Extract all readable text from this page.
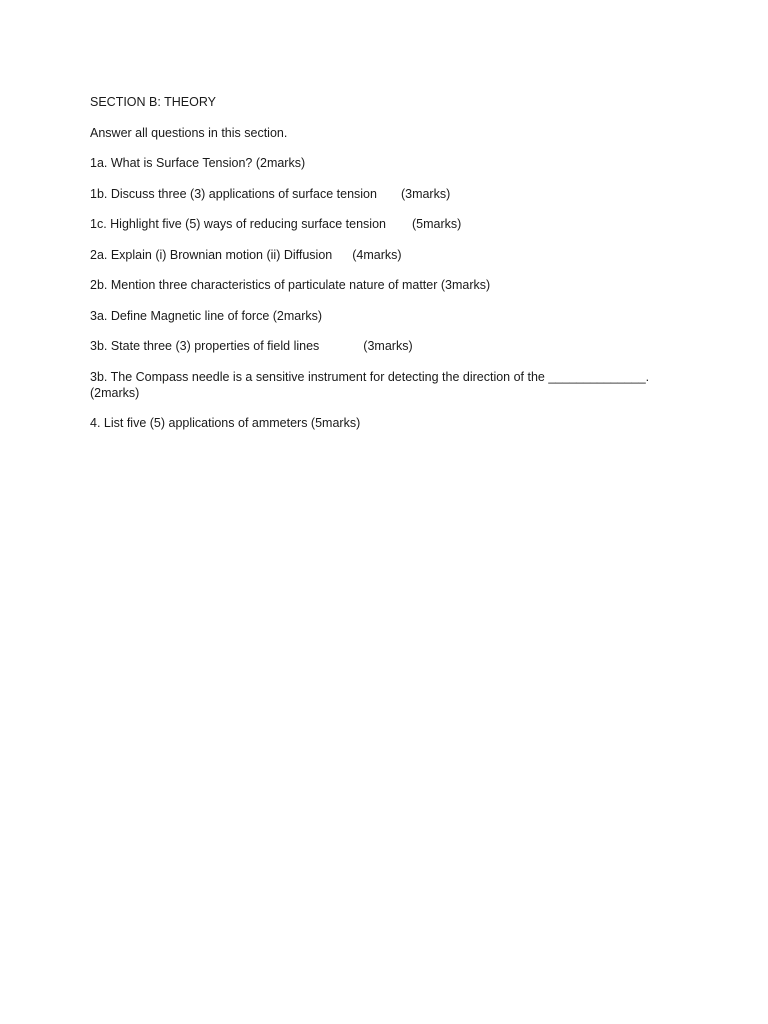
SECTION B: THEORY
Answer all questions in this section.
1a. What is Surface Tension? (2marks)
1b. Discuss three (3) applications of surface tension (3marks)
1c. Highlight five (5) ways of reducing surface tension (5marks)
2a. Explain (i) Brownian motion (ii) Diffusion (4marks)
2b. Mention three characteristics of particulate nature of matter (3marks)
3a. Define Magnetic line of force (2marks)
3b. State three (3) properties of field lines	(3marks)
3b. The Compass needle is a sensitive instrument for detecting the direction of the ______________. (2marks)
4. List five (5) applications of ammeters (5marks)
